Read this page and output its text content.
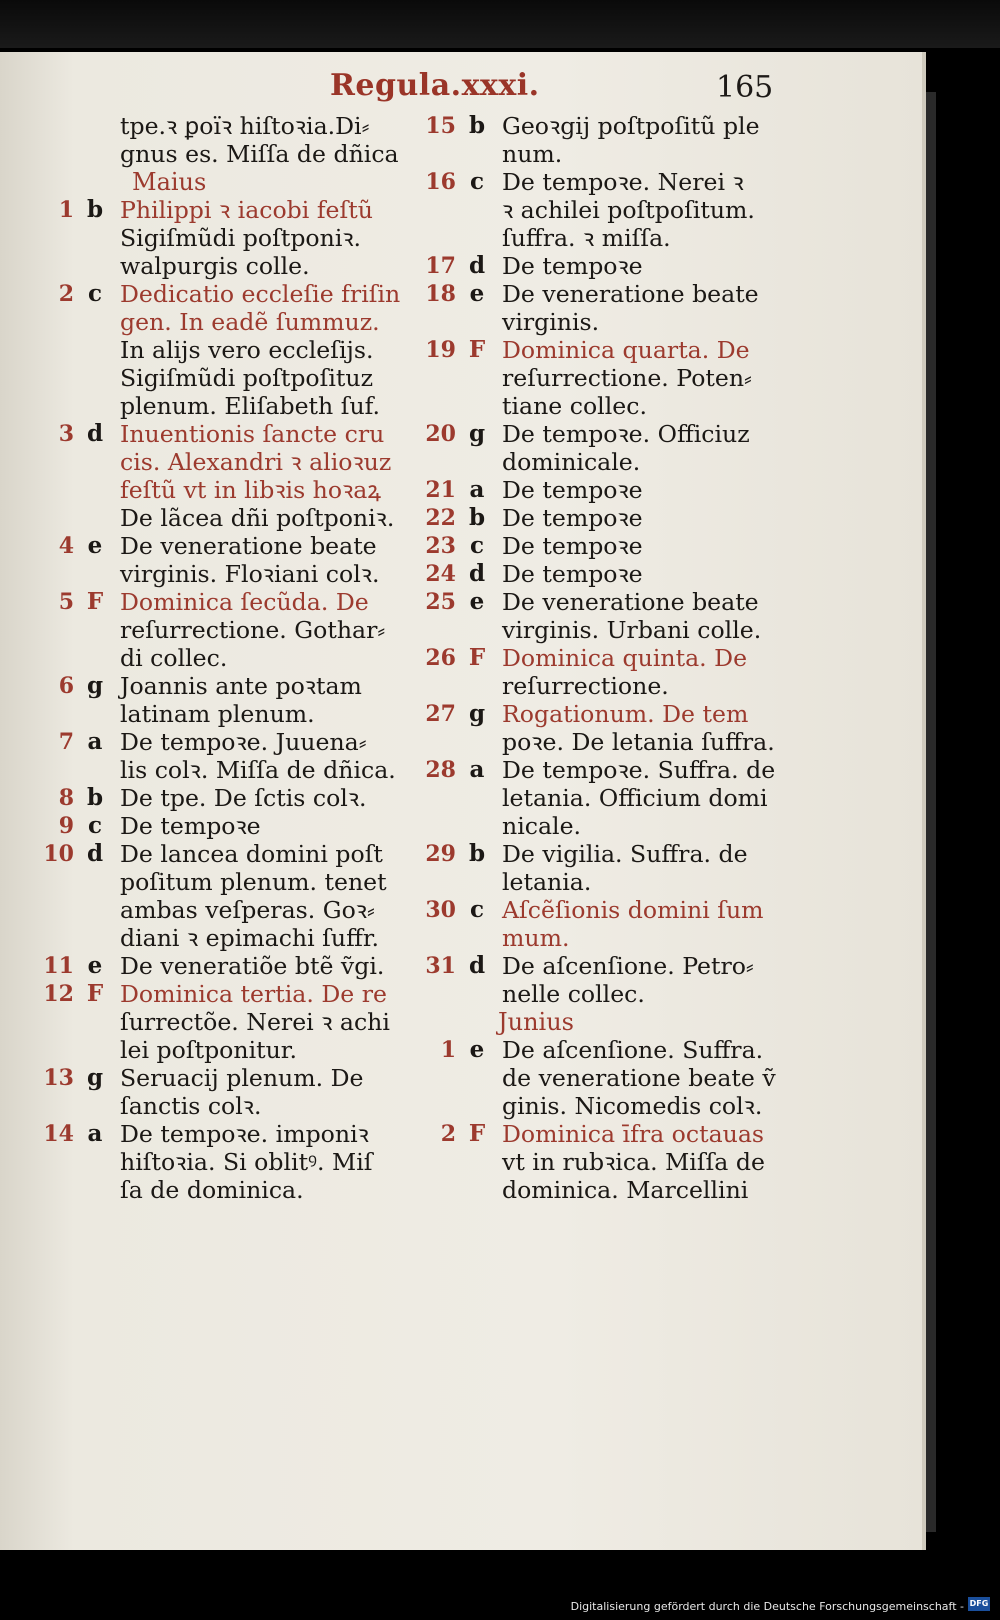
Regula.xxxi.	165
tpe.ꝛ ꝑoïꝛ hiſtoꝛia.Di⸗
gnus es. Miſſa de dñica
Maius
1 b Philippi ꝛ iacobi feſtũ
Sigiſmũdi poſtponiꝛ.
walpurgis colle.
2 c Dedicatio eccleſie friſin
gen. In eadẽ ſummuz.
In alijs vero eccleſijs.
Sigiſmũdi poſtpoſituz
plenum. Eliſabeth ſuf.
3 d Inuentionis ſancte cru
cis. Alexandri ꝛ alioꝛuz
feſtũ vt in libꝛis hoꝛaꝝ
De lãcea dñi poſtponiꝛ.
4 e De veneratione beate
virginis. Floꝛiani colꝛ.
5 F Dominica ſecũda. De
reſurrectione. Gothar⸗
di collec.
6 g Joannis ante poꝛtam
latinam plenum.
7 a De tempoꝛe. Juuena⸗
lis colꝛ. Miſſa de dñica.
8 b De tpe. De ſctis colꝛ.
9 c De tempoꝛe
10 d De lancea domini poſt
poſitum plenum. tenet
ambas veſperas. Goꝛ⸗
diani ꝛ epimachi ſuffr.
11 e De veneratiõe btẽ ṽgi.
12 F Dominica tertia. De re
ſurrectõe. Nerei ꝛ achi
lei poſtponitur.
13 g Seruacij plenum. De
ſanctis colꝛ.
14 a De tempoꝛe. imponiꝛ
hiſtoꝛia. Si oblitꝰ. Miſ
ſa de dominica.
15 b Geoꝛgij poſtpoſitũ ple
num.
16 c De tempoꝛe. Nerei ꝛ
ꝛ achilei poſtpoſitum.
ſuffra. ꝛ miſſa.
17 d De tempoꝛe
18 e De veneratione beate
virginis.
19 F Dominica quarta. De
reſurrectione. Poten⸗
tiane collec.
20 g De tempoꝛe. Officiuz
dominicale.
21 a De tempoꝛe
22 b De tempoꝛe
23 c De tempoꝛe
24 d De tempoꝛe
25 e De veneratione beate
virginis. Urbani colle.
26 F Dominica quinta. De
reſurrectione.
27 g Rogationum. De tem
poꝛe. De letania ſuffra.
28 a De tempoꝛe. Suffra. de
letania. Officium domi
nicale.
29 b De vigilia. Suffra. de
letania.
30 c Aſcẽſionis domini ſum
mum.
31 d De aſcenſione. Petro⸗
nelle collec.
Junius
1 e De aſcenſione. Suffra.
de veneratione beate ṽ
ginis. Nicomedis colꝛ.
2 F Dominica īfra octauas
vt in rubꝛica. Miſſa de
dominica. Marcellini
Digitalisierung gefördert durch die Deutsche Forschungsgemeinschaft - DFG
